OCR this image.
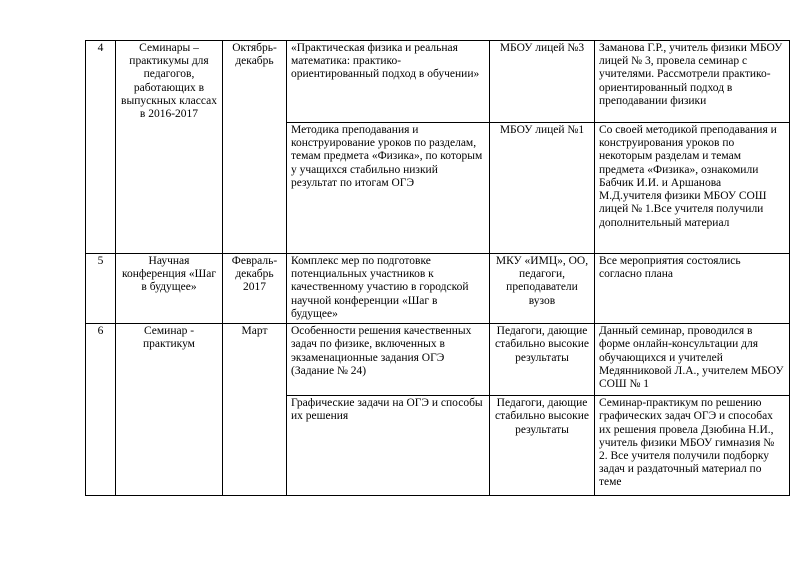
4	Семинары – практикумы для педагогов, работающих в выпускных классах в 2016-2017	Октябрь-декабрь	«Практическая физика и реальная математика: практико-ориентированный подход в обучении»	МБОУ лицей №3	Заманова Г.Р., учитель физики МБОУ лицей № 3, провела семинар с учителями. Рассмотрели практико-ориентированный подход в преподавании физики
			Методика преподавания и конструирование уроков по разделам, темам предмета «Физика», по которым у учащихся стабильно низкий результат по итогам ОГЭ	МБОУ лицей №1	Со своей методикой преподавания и конструирования уроков по некоторым разделам и темам предмета «Физика», ознакомили Бабчик И.И. и Аршанова М.Д.учителя физики МБОУ СОШ лицей № 1.Все учителя получили дополнительный материал
5	Научная конференция «Шаг в будущее»	Февраль-декабрь 2017	Комплекс мер по подготовке потенциальных участников к качественному участию в городской научной конференции «Шаг в будущее»	МКУ «ИМЦ», ОО, педагоги, преподаватели вузов	Все мероприятия состоялись согласно плана
6	Семинар - практикум	Март	Особенности решения качественных задач по физике, включенных в экзаменационные задания ОГЭ (Задание № 24)	Педагоги, дающие стабильно высокие результаты	Данный семинар, проводился в форме онлайн-консультации для обучающихся и учителей Медянниковой Л.А., учителем МБОУ СОШ № 1
			Графические задачи на ОГЭ и способы их решения	Педагоги, дающие стабильно высокие результаты	Семинар-практикум по решению графических задач ОГЭ и способах их решения провела Дзюбина Н.И., учитель физики МБОУ гимназия № 2. Все учителя получили подборку задач и раздаточный материал по теме
